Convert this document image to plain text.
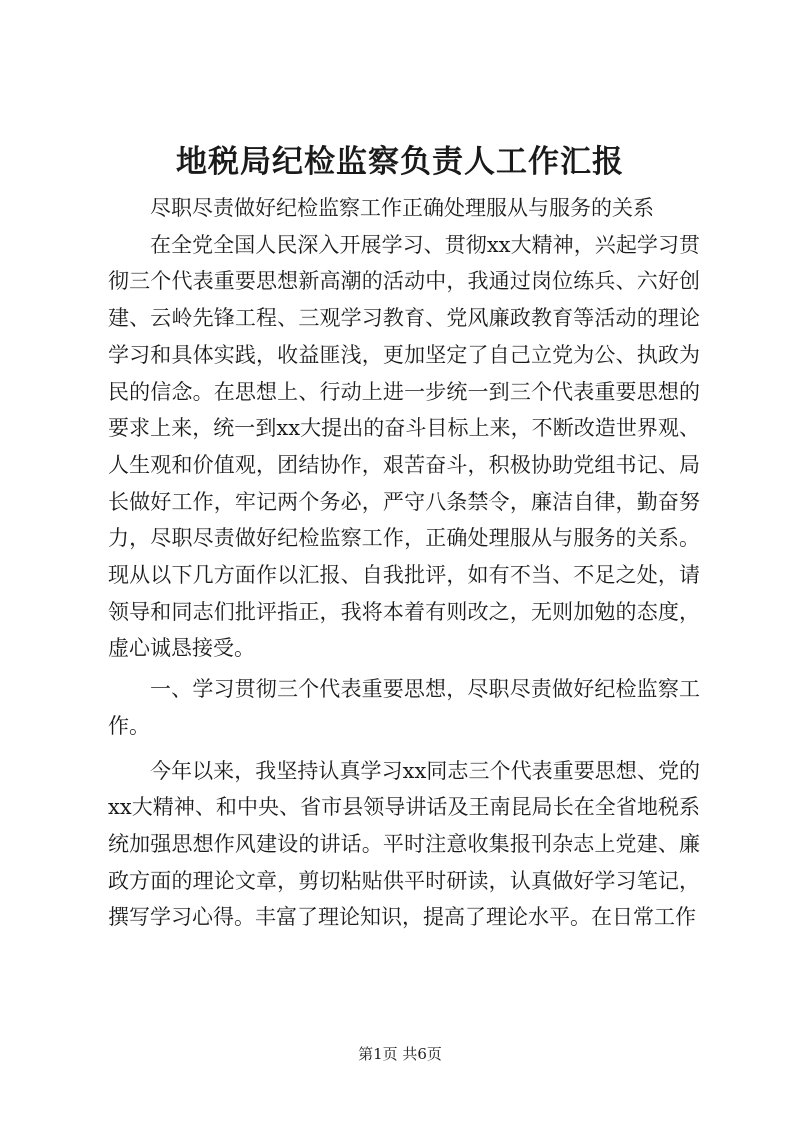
地税局纪检监察负责人工作汇报

尽职尽责做好纪检监察工作正确处理服从与服务的关系

在全党全国人民深入开展学习、贯彻xx大精神，兴起学习贯彻三个代表重要思想新高潮的活动中，我通过岗位练兵、六好创建、云岭先锋工程、三观学习教育、党风廉政教育等活动的理论学习和具体实践，收益匪浅，更加坚定了自己立党为公、执政为民的信念。在思想上、行动上进一步统一到三个代表重要思想的要求上来，统一到xx大提出的奋斗目标上来，不断改造世界观、人生观和价值观，团结协作，艰苦奋斗，积极协助党组书记、局长做好工作，牢记两个务必，严守八条禁令，廉洁自律，勤奋努力，尽职尽责做好纪检监察工作，正确处理服从与服务的关系。现从以下几方面作以汇报、自我批评，如有不当、不足之处，请领导和同志们批评指正，我将本着有则改之，无则加勉的态度，虚心诚恳接受。

一、学习贯彻三个代表重要思想，尽职尽责做好纪检监察工作。

今年以来，我坚持认真学习xx同志三个代表重要思想、党的xx大精神、和中央、省市县领导讲话及王南昆局长在全省地税系统加强思想作风建设的讲话。平时注意收集报刊杂志上党建、廉政方面的理论文章，剪切粘贴供平时研读，认真做好学习笔记，撰写学习心得。丰富了理论知识，提高了理论水平。在日常工作

第1页 共6页
